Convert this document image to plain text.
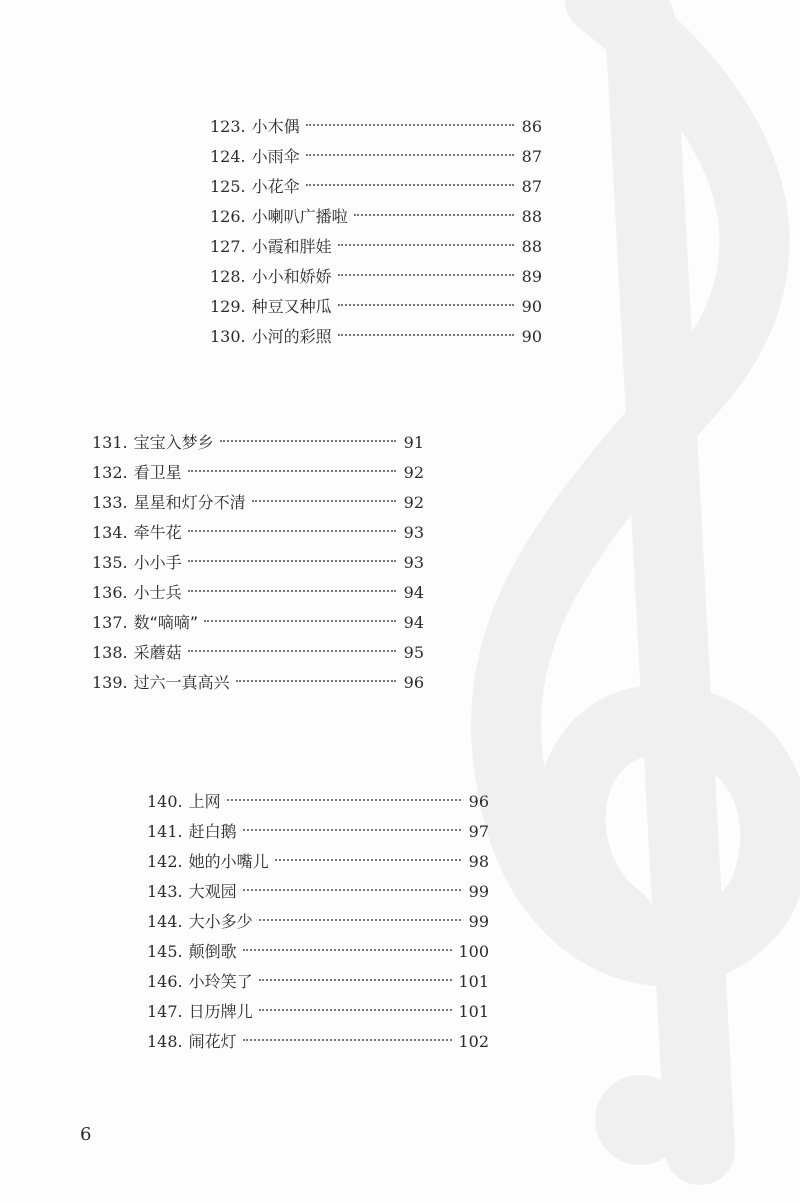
123. 小木偶	86
124. 小雨伞	87
125. 小花伞	87
126. 小喇叭广播啦	88
127. 小霞和胖娃	88
128. 小小和娇娇	89
129. 种豆又种瓜	90
130. 小河的彩照	90
131. 宝宝入梦乡	91
132. 看卫星	92
133. 星星和灯分不清	92
134. 牵牛花	93
135. 小小手	93
136. 小士兵	94
137. 数“嘀嘀”	94
138. 采蘑菇	95
139. 过六一真高兴	96
140. 上网	96
141. 赶白鹅	97
142. 她的小嘴儿	98
143. 大观园	99
144. 大小多少	99
145. 颠倒歌	100
146. 小玲笑了	101
147. 日历牌儿	101
148. 闹花灯	102
6
